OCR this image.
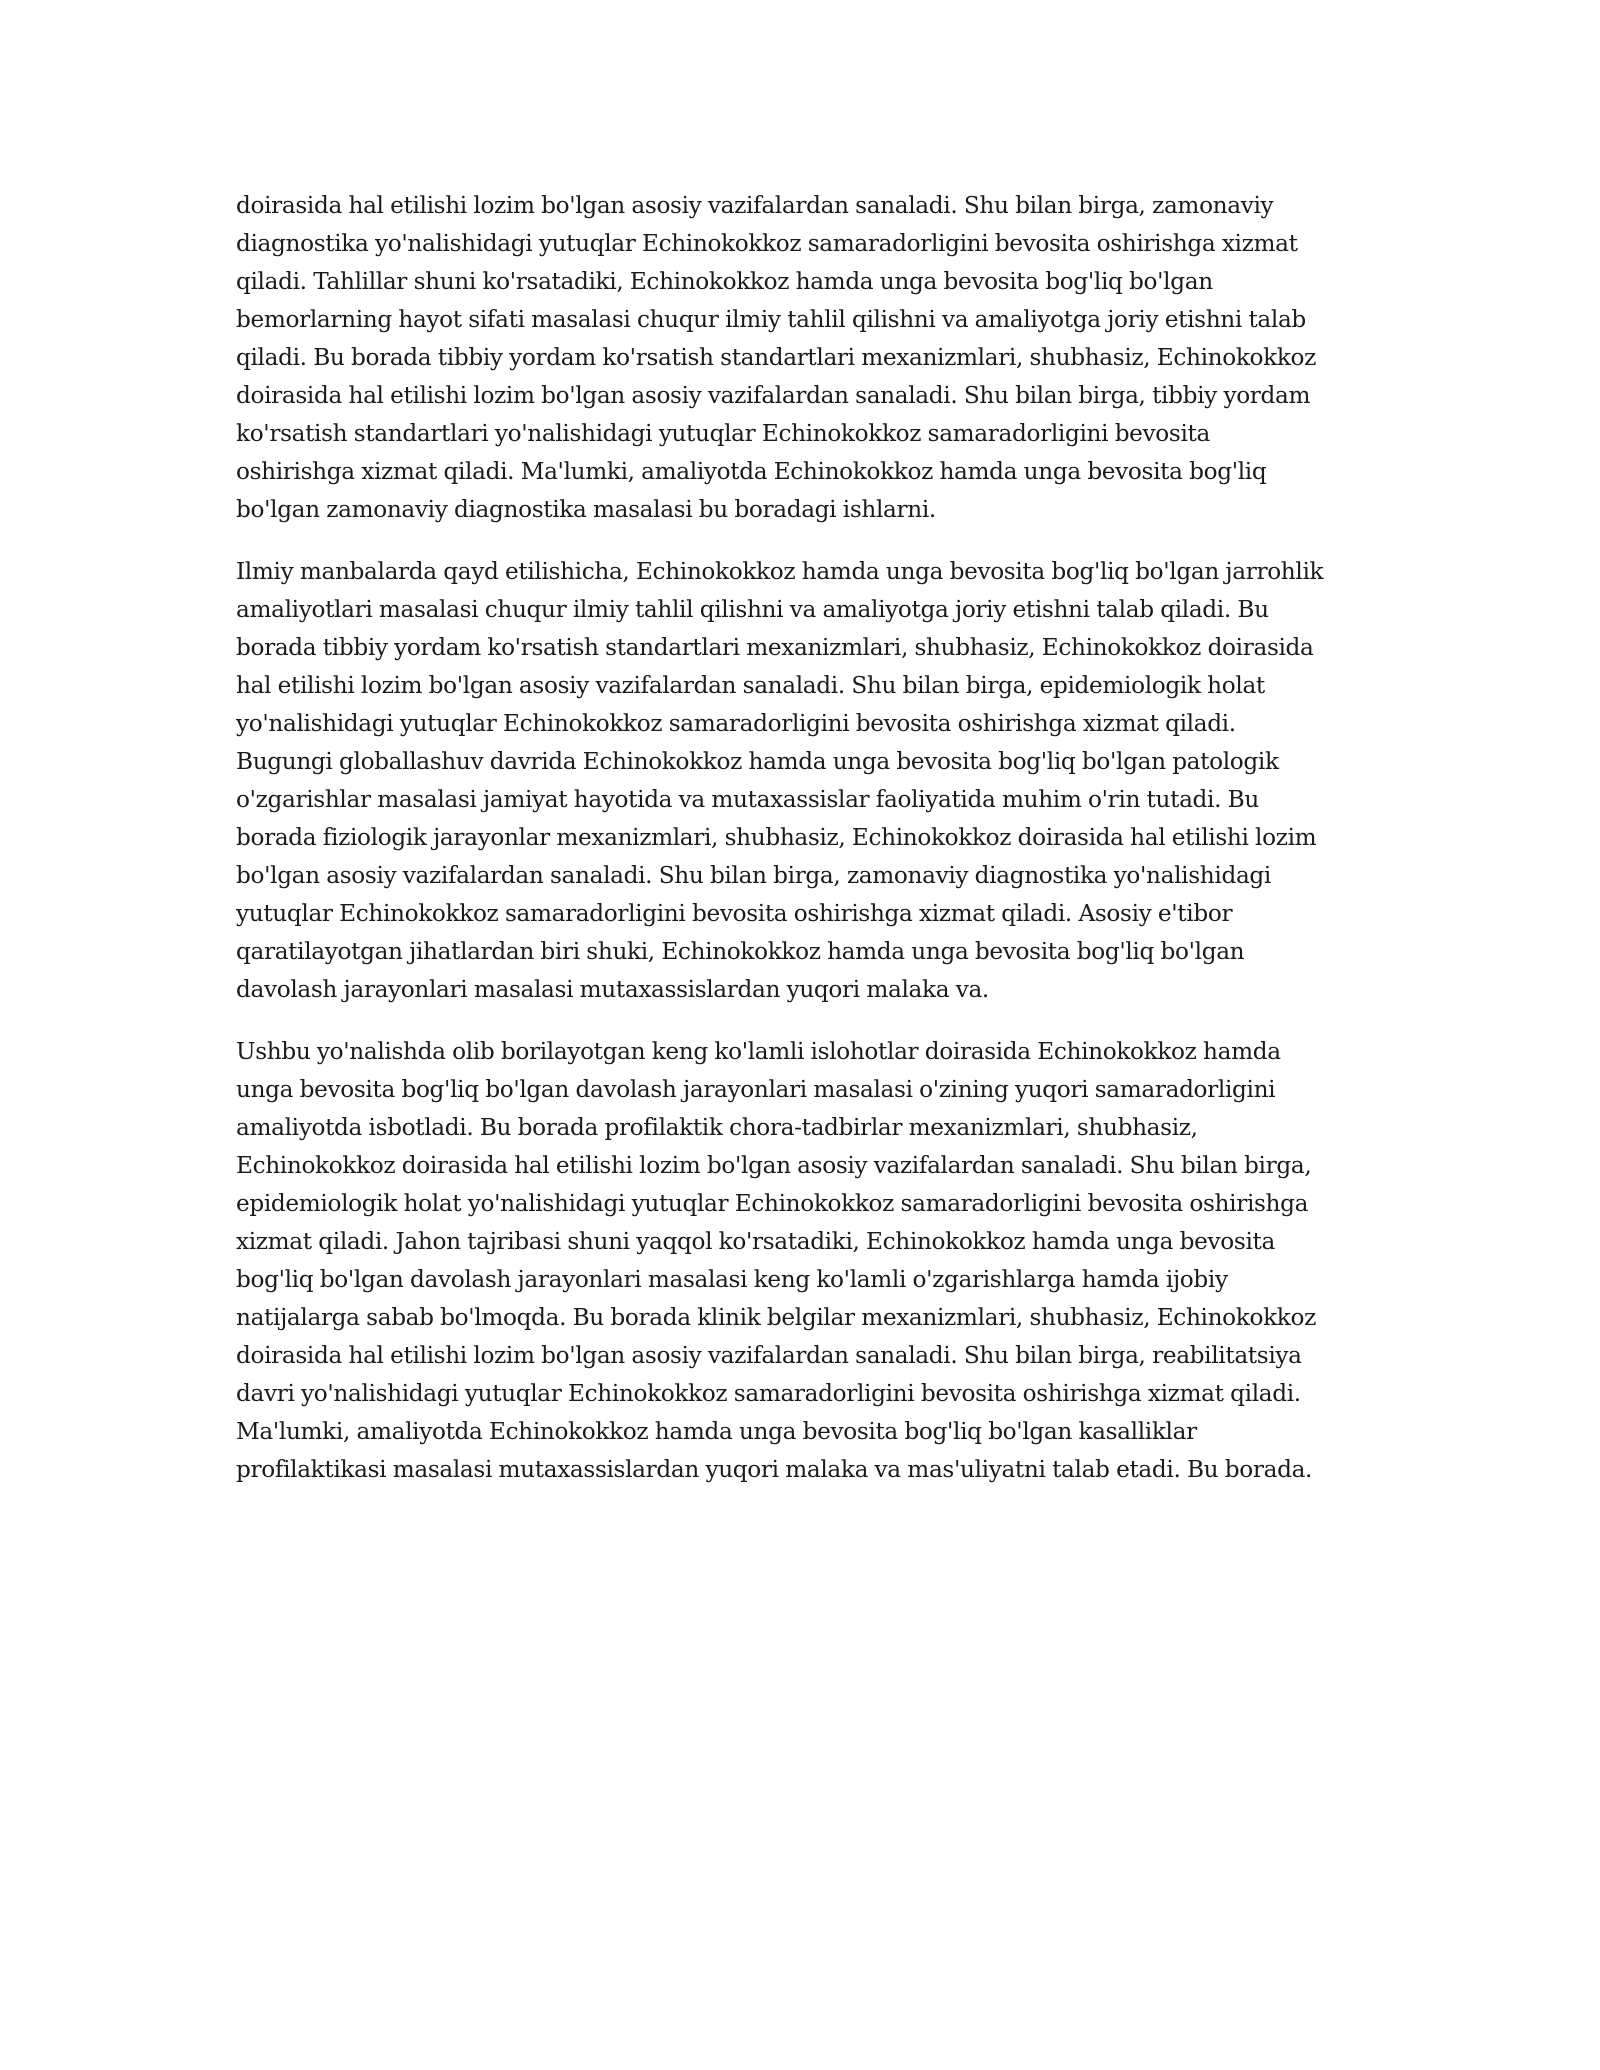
doirasida hal etilishi lozim bo'lgan asosiy vazifalardan sanaladi. Shu bilan birga, zamonaviy
diagnostika yo'nalishidagi yutuqlar Echinokokkoz samaradorligini bevosita oshirishga xizmat
qiladi. Tahlillar shuni ko'rsatadiki, Echinokokkoz hamda unga bevosita bog'liq bo'lgan
bemorlarning hayot sifati masalasi chuqur ilmiy tahlil qilishni va amaliyotga joriy etishni talab
qiladi. Bu borada tibbiy yordam ko'rsatish standartlari mexanizmlari, shubhasiz, Echinokokkoz
doirasida hal etilishi lozim bo'lgan asosiy vazifalardan sanaladi. Shu bilan birga, tibbiy yordam
ko'rsatish standartlari yo'nalishidagi yutuqlar Echinokokkoz samaradorligini bevosita
oshirishga xizmat qiladi. Ma'lumki, amaliyotda Echinokokkoz hamda unga bevosita bog'liq
bo'lgan zamonaviy diagnostika masalasi bu boradagi ishlarni.

Ilmiy manbalarda qayd etilishicha, Echinokokkoz hamda unga bevosita bog'liq bo'lgan jarrohlik
amaliyotlari masalasi chuqur ilmiy tahlil qilishni va amaliyotga joriy etishni talab qiladi. Bu
borada tibbiy yordam ko'rsatish standartlari mexanizmlari, shubhasiz, Echinokokkoz doirasida
hal etilishi lozim bo'lgan asosiy vazifalardan sanaladi. Shu bilan birga, epidemiologik holat
yo'nalishidagi yutuqlar Echinokokkoz samaradorligini bevosita oshirishga xizmat qiladi.
Bugungi globallashuv davrida Echinokokkoz hamda unga bevosita bog'liq bo'lgan patologik
o'zgarishlar masalasi jamiyat hayotida va mutaxassislar faoliyatida muhim o'rin tutadi. Bu
borada fiziologik jarayonlar mexanizmlari, shubhasiz, Echinokokkoz doirasida hal etilishi lozim
bo'lgan asosiy vazifalardan sanaladi. Shu bilan birga, zamonaviy diagnostika yo'nalishidagi
yutuqlar Echinokokkoz samaradorligini bevosita oshirishga xizmat qiladi. Asosiy e'tibor
qaratilayotgan jihatlardan biri shuki, Echinokokkoz hamda unga bevosita bog'liq bo'lgan
davolash jarayonlari masalasi mutaxassislardan yuqori malaka va.

Ushbu yo'nalishda olib borilayotgan keng ko'lamli islohotlar doirasida Echinokokkoz hamda
unga bevosita bog'liq bo'lgan davolash jarayonlari masalasi o'zining yuqori samaradorligini
amaliyotda isbotladi. Bu borada profilaktik chora-tadbirlar mexanizmlari, shubhasiz,
Echinokokkoz doirasida hal etilishi lozim bo'lgan asosiy vazifalardan sanaladi. Shu bilan birga,
epidemiologik holat yo'nalishidagi yutuqlar Echinokokkoz samaradorligini bevosita oshirishga
xizmat qiladi. Jahon tajribasi shuni yaqqol ko'rsatadiki, Echinokokkoz hamda unga bevosita
bog'liq bo'lgan davolash jarayonlari masalasi keng ko'lamli o'zgarishlarga hamda ijobiy
natijalarga sabab bo'lmoqda. Bu borada klinik belgilar mexanizmlari, shubhasiz, Echinokokkoz
doirasida hal etilishi lozim bo'lgan asosiy vazifalardan sanaladi. Shu bilan birga, reabilitatsiya
davri yo'nalishidagi yutuqlar Echinokokkoz samaradorligini bevosita oshirishga xizmat qiladi.
Ma'lumki, amaliyotda Echinokokkoz hamda unga bevosita bog'liq bo'lgan kasalliklar
profilaktikasi masalasi mutaxassislardan yuqori malaka va mas'uliyatni talab etadi. Bu borada.
